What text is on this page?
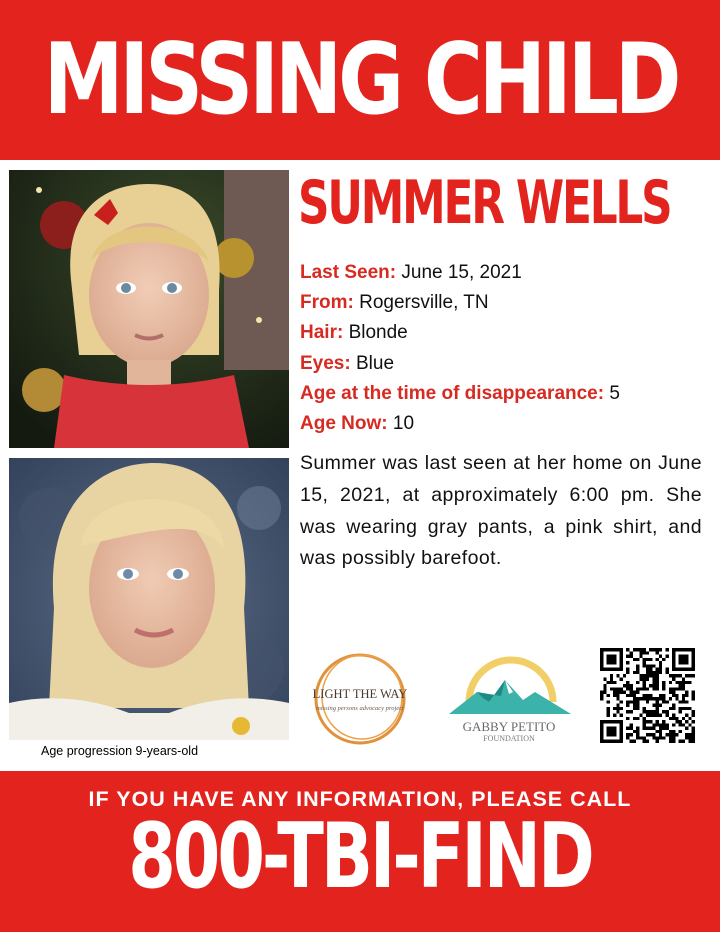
MISSING CHILD
Age progression 9-years-old
SUMMER WELLS
Last Seen: June 15, 2021
From: Rogersville, TN
Hair: Blonde
Eyes: Blue
Age at the time of disappearance: 5
Age Now: 10
Summer was last seen at her home on June 15, 2021, at approximately 6:00 pm. She was wearing gray pants, a pink shirt, and was possibly barefoot.
LIGHT THE WAY
missing persons advocacy project
GABBY PETITO
FOUNDATION
IF YOU HAVE ANY INFORMATION, PLEASE CALL
800-TBI-FIND
